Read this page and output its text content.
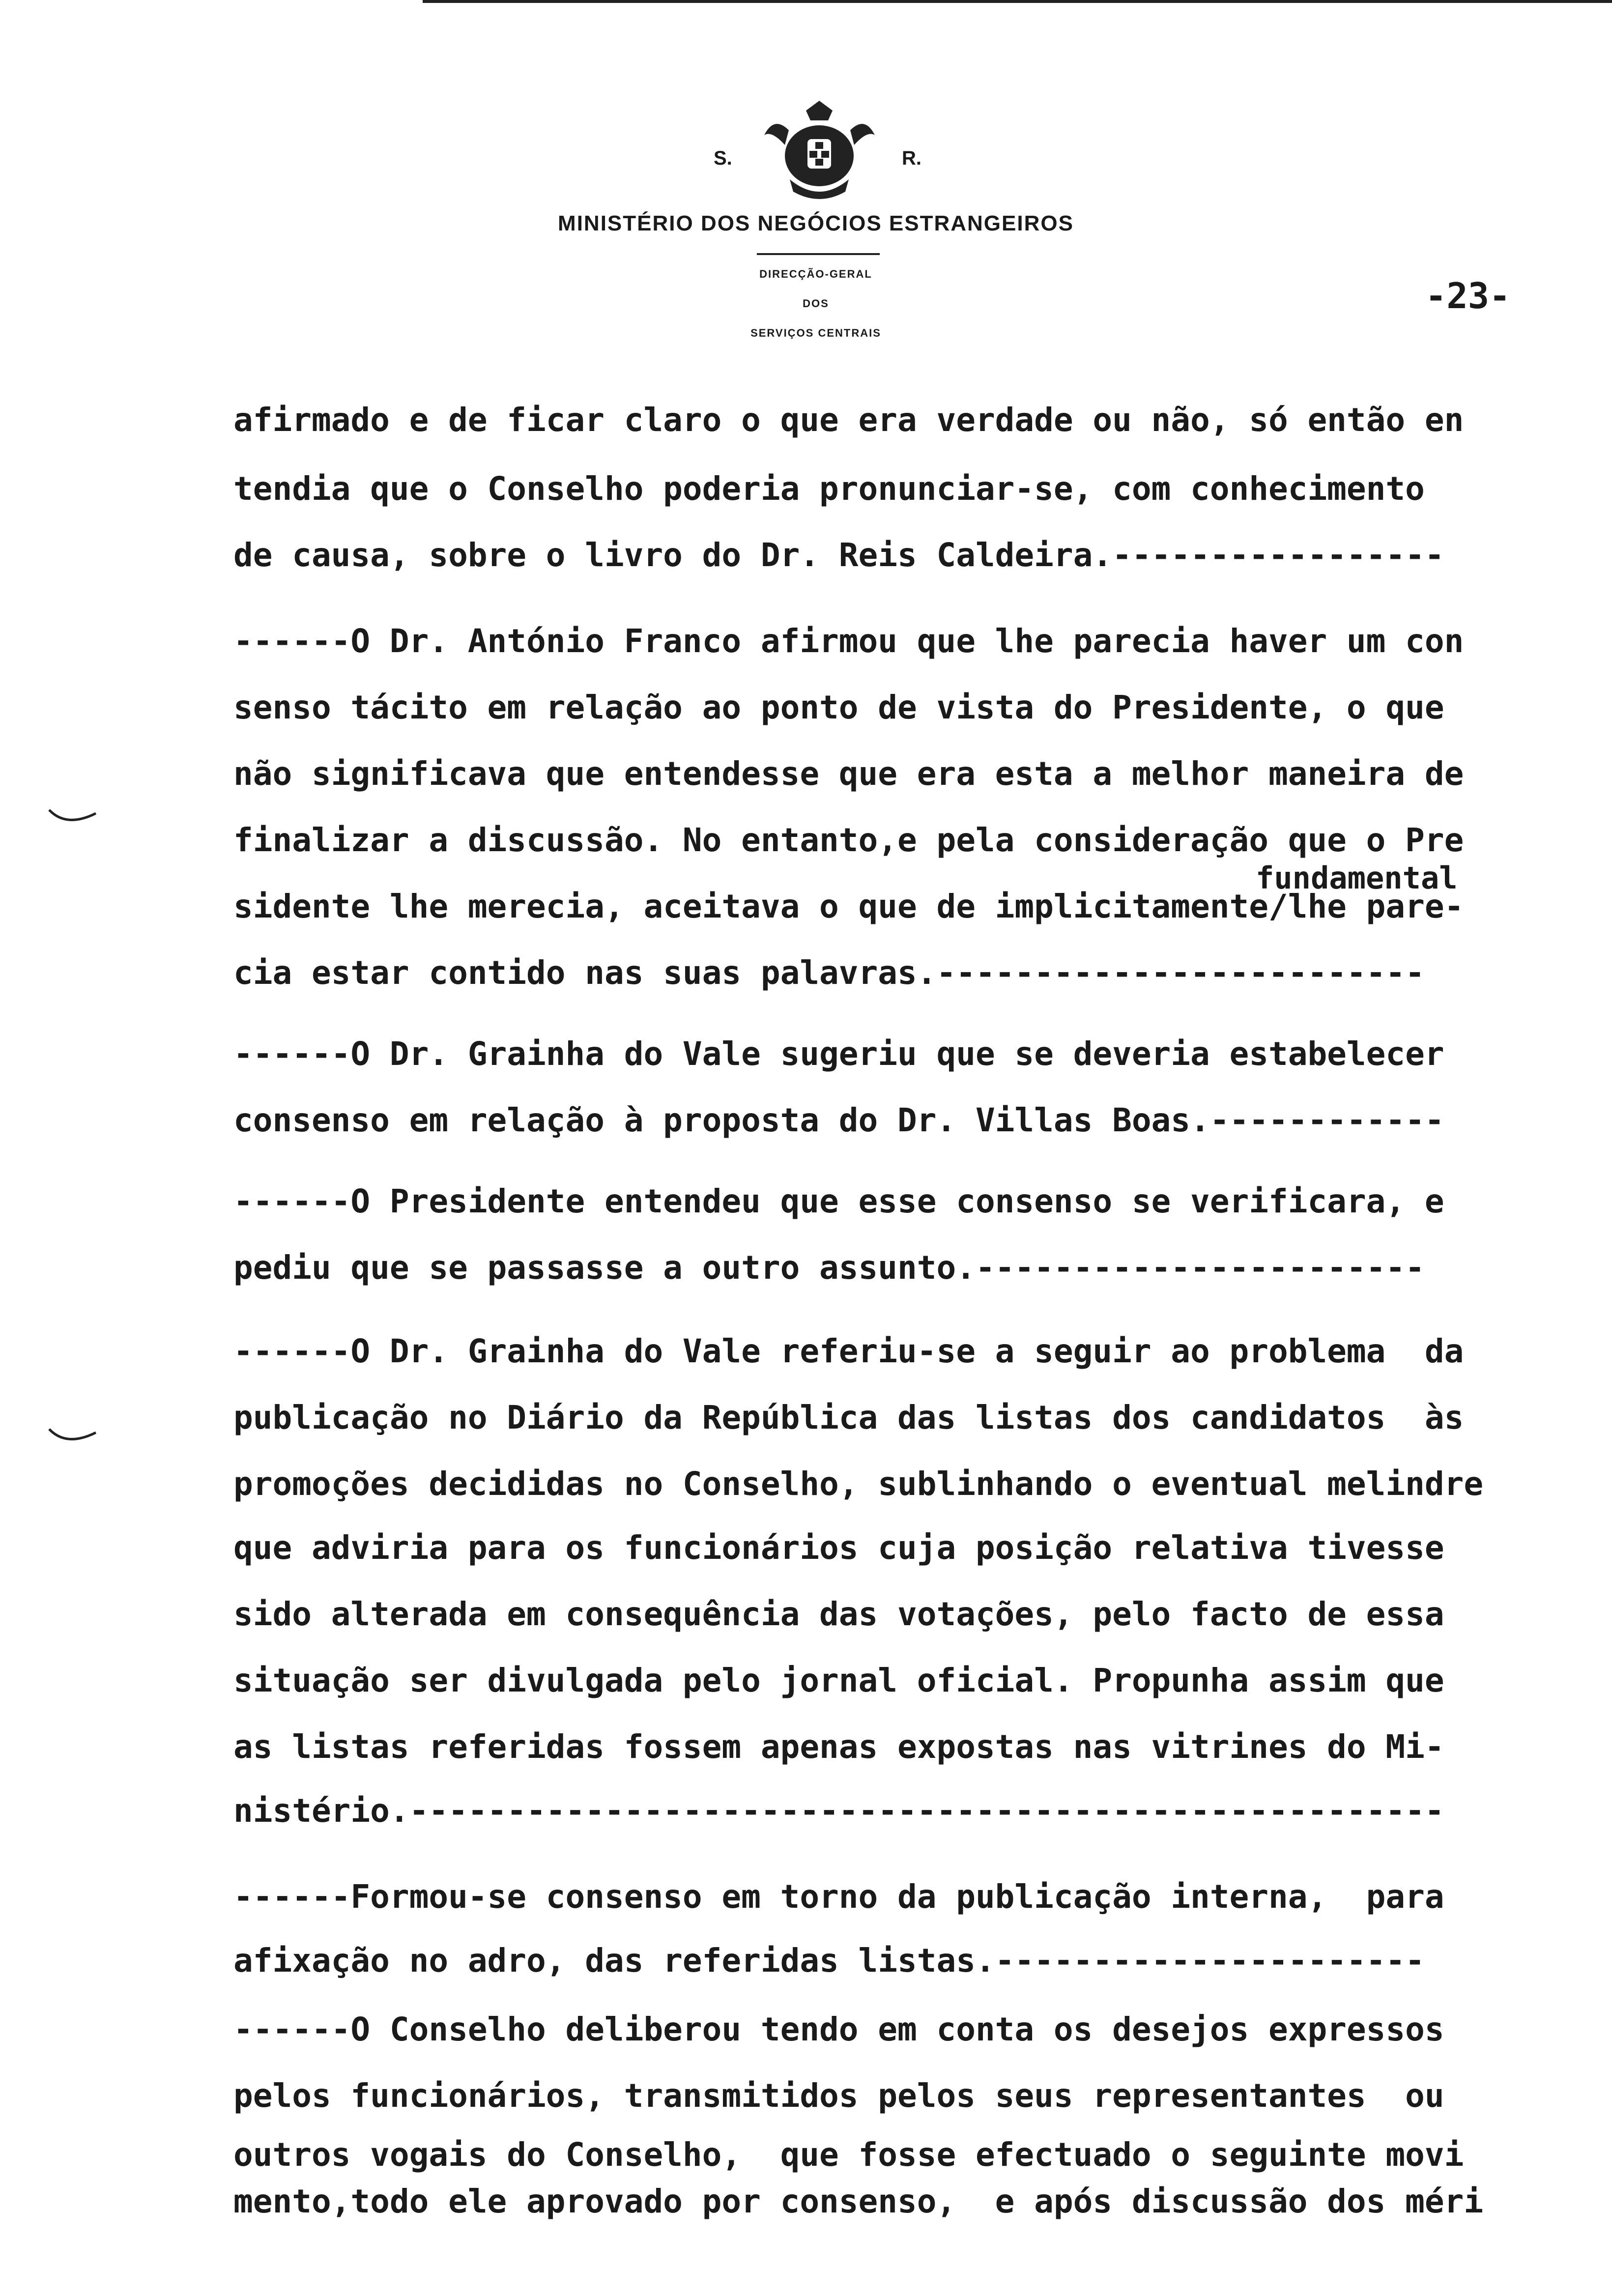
S.	R.
MINISTÉRIO DOS NEGÓCIOS ESTRANGEIROS
DIRECÇÃO-GERAL
DOS
SERVIÇOS CENTRAIS
-23-
afirmado e de ficar claro o que era verdade ou não, só então en
tendia que o Conselho poderia pronunciar-se, com conhecimento
de causa, sobre o livro do Dr. Reis Caldeira.-----------------
------O Dr. António Franco afirmou que lhe parecia haver um con
senso tácito em relação ao ponto de vista do Presidente, o que
não significava que entendesse que era esta a melhor maneira de
finalizar a discussão. No entanto,e pela consideração que o Pre
fundamental
sidente lhe merecia, aceitava o que de implicitamente/lhe pare-
cia estar contido nas suas palavras.-------------------------
------O Dr. Grainha do Vale sugeriu que se deveria estabelecer
consenso em relação à proposta do Dr. Villas Boas.------------
------O Presidente entendeu que esse consenso se verificara, e
pediu que se passasse a outro assunto.-----------------------
------O Dr. Grainha do Vale referiu-se a seguir ao problema  da
publicação no Diário da República das listas dos candidatos  às
promoções decididas no Conselho, sublinhando o eventual melindre
que adviria para os funcionários cuja posição relativa tivesse
sido alterada em consequência das votações, pelo facto de essa
situação ser divulgada pelo jornal oficial. Propunha assim que
as listas referidas fossem apenas expostas nas vitrines do Mi-
nistério.-----------------------------------------------------
------Formou-se consenso em torno da publicação interna,  para
afixação no adro, das referidas listas.----------------------
------O Conselho deliberou tendo em conta os desejos expressos
pelos funcionários, transmitidos pelos seus representantes  ou
outros vogais do Conselho,  que fosse efectuado o seguinte movi
mento,todo ele aprovado por consenso,  e após discussão dos méri
